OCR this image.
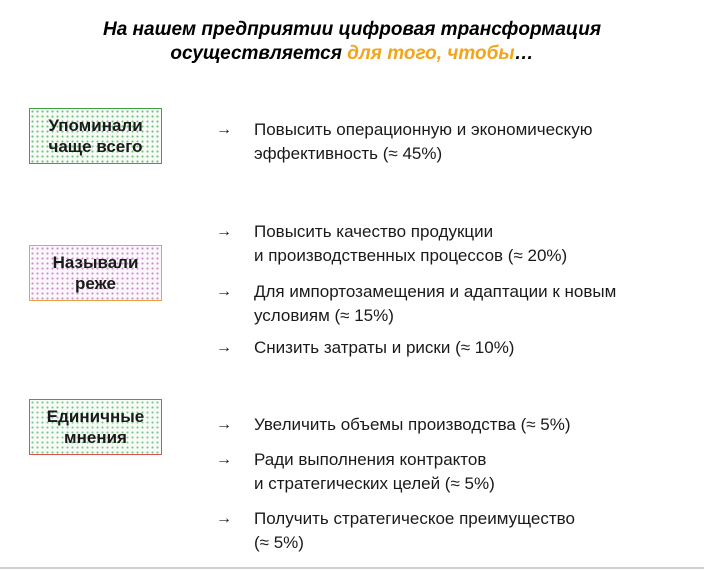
На нашем предприятии цифровая трансформация
осуществляется для того, чтобы…
Упоминали
чаще всего
→	Повысить операционную и экономическую
эффективность (≈ 45%)
Называли
реже
→	Повысить качество продукции
и производственных процессов (≈ 20%)
→	Для импортозамещения и адаптации к новым
условиям (≈ 15%)
→	Снизить затраты и риски (≈ 10%)
Единичные
мнения
→	Увеличить объемы производства (≈ 5%)
→	Ради выполнения контрактов
и стратегических целей (≈ 5%)
→	Получить стратегическое преимущество
(≈ 5%)
